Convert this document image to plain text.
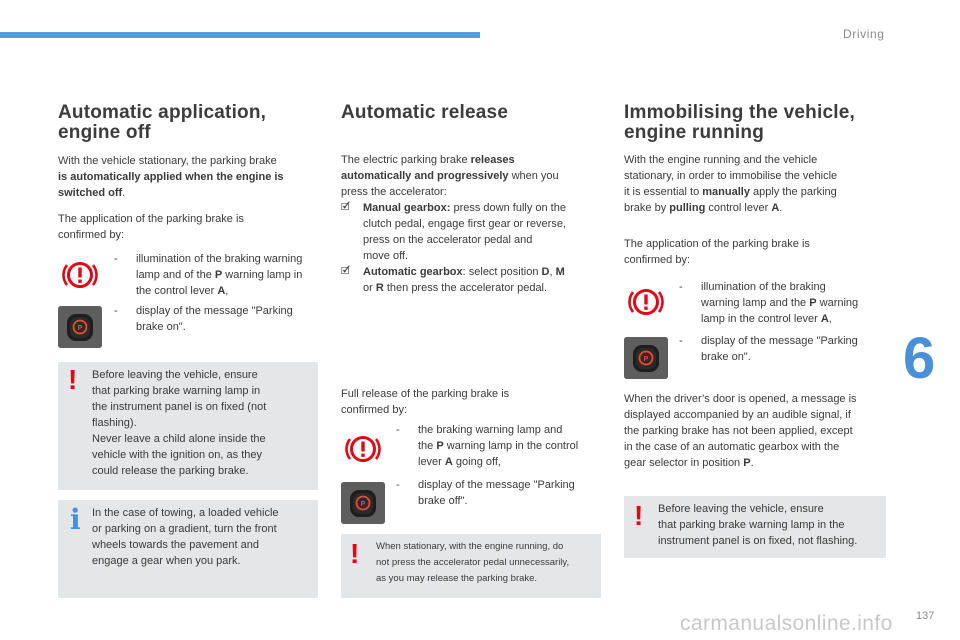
Driving
6
137
Automatic application,
engine off

With the vehicle stationary, the parking brake
is automatically applied when the engine is
switched off.

The application of the parking brake is
confirmed by:

- illumination of the braking warning
lamp and of the P warning lamp in
the control lever A,
P
- display of the message "Parking
brake on".
! Before leaving the vehicle, ensure
that parking brake warning lamp in
the instrument panel is on fixed (not
flashing).
Never leave a child alone inside the
vehicle with the ignition on, as they
could release the parking brake.
i In the case of towing, a loaded vehicle
or parking on a gradient, turn the front
wheels towards the pavement and
engage a gear when you park.
Automatic release

The electric parking brake releases
automatically and progressively when you
press the accelerator:

🗹 Manual gearbox: press down fully on the
clutch pedal, engage first gear or reverse,
press on the accelerator pedal and
move off.
🗹 Automatic gearbox: select position D, M
or R then press the accelerator pedal.

Full release of the parking brake is
confirmed by:

- the braking warning lamp and
the P warning lamp in the control
lever A going off,
P
- display of the message "Parking
brake off".
! When stationary, with the engine running, do
not press the accelerator pedal unnecessarily,
as you may release the parking brake.
Immobilising the vehicle,
engine running

With the engine running and the vehicle
stationary, in order to immobilise the vehicle
it is essential to manually apply the parking
brake by pulling control lever A.

The application of the parking brake is
confirmed by:

- illumination of the braking
warning lamp and the P warning
lamp in the control lever A,
P
- display of the message "Parking
brake on".

When the driver’s door is opened, a message is
displayed accompanied by an audible signal, if
the parking brake has not been applied, except
in the case of an automatic gearbox with the
gear selector in position P.

! Before leaving the vehicle, ensure
that parking brake warning lamp in the
instrument panel is on fixed, not flashing.
carmanualsonline.info
